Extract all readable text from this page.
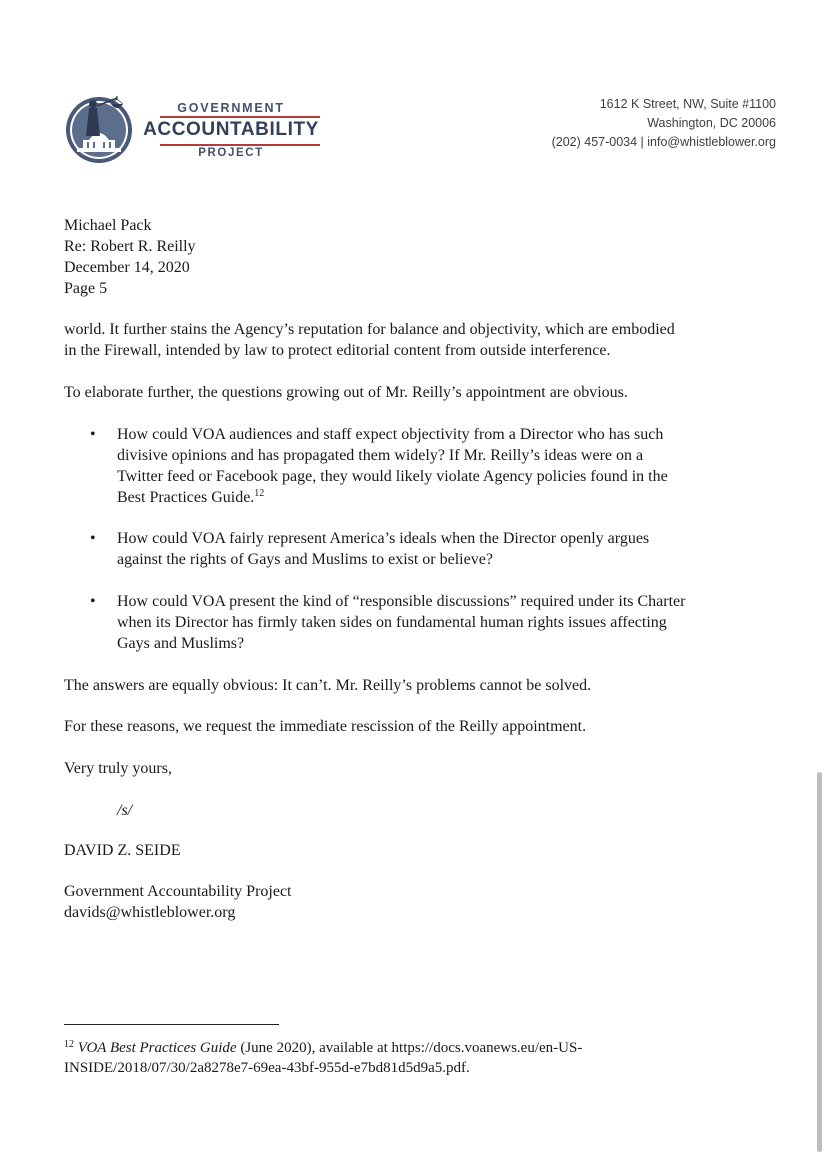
GOVERNMENT
ACCOUNTABILITY
PROJECT
1612 K Street, NW, Suite #1100
Washington, DC 20006
(202) 457-0034 | info@whistleblower.org
Michael Pack
Re: Robert R. Reilly
December 14, 2020
Page 5
world. It further stains the Agency’s reputation for balance and objectivity, which are embodied
in the Firewall, intended by law to protect editorial content from outside interference.
To elaborate further, the questions growing out of Mr. Reilly’s appointment are obvious.
• How could VOA audiences and staff expect objectivity from a Director who has such
divisive opinions and has propagated them widely? If Mr. Reilly’s ideas were on a
Twitter feed or Facebook page, they would likely violate Agency policies found in the
Best Practices Guide.$^{12}$
• How could VOA fairly represent America’s ideals when the Director openly argues
against the rights of Gays and Muslims to exist or believe?
• How could VOA present the kind of “responsible discussions” required under its Charter
when its Director has firmly taken sides on fundamental human rights issues affecting
Gays and Muslims?
The answers are equally obvious: It can’t. Mr. Reilly’s problems cannot be solved.
For these reasons, we request the immediate rescission of the Reilly appointment.
Very truly yours,
/s/
DAVID Z. SEIDE
Government Accountability Project
davids@whistleblower.org
$^{12}$ VOA Best Practices Guide (June 2020), available at https://docs.voanews.eu/en-US-
INSIDE/2018/07/30/2a8278e7-69ea-43bf-955d-e7bd81d5d9a5.pdf.
